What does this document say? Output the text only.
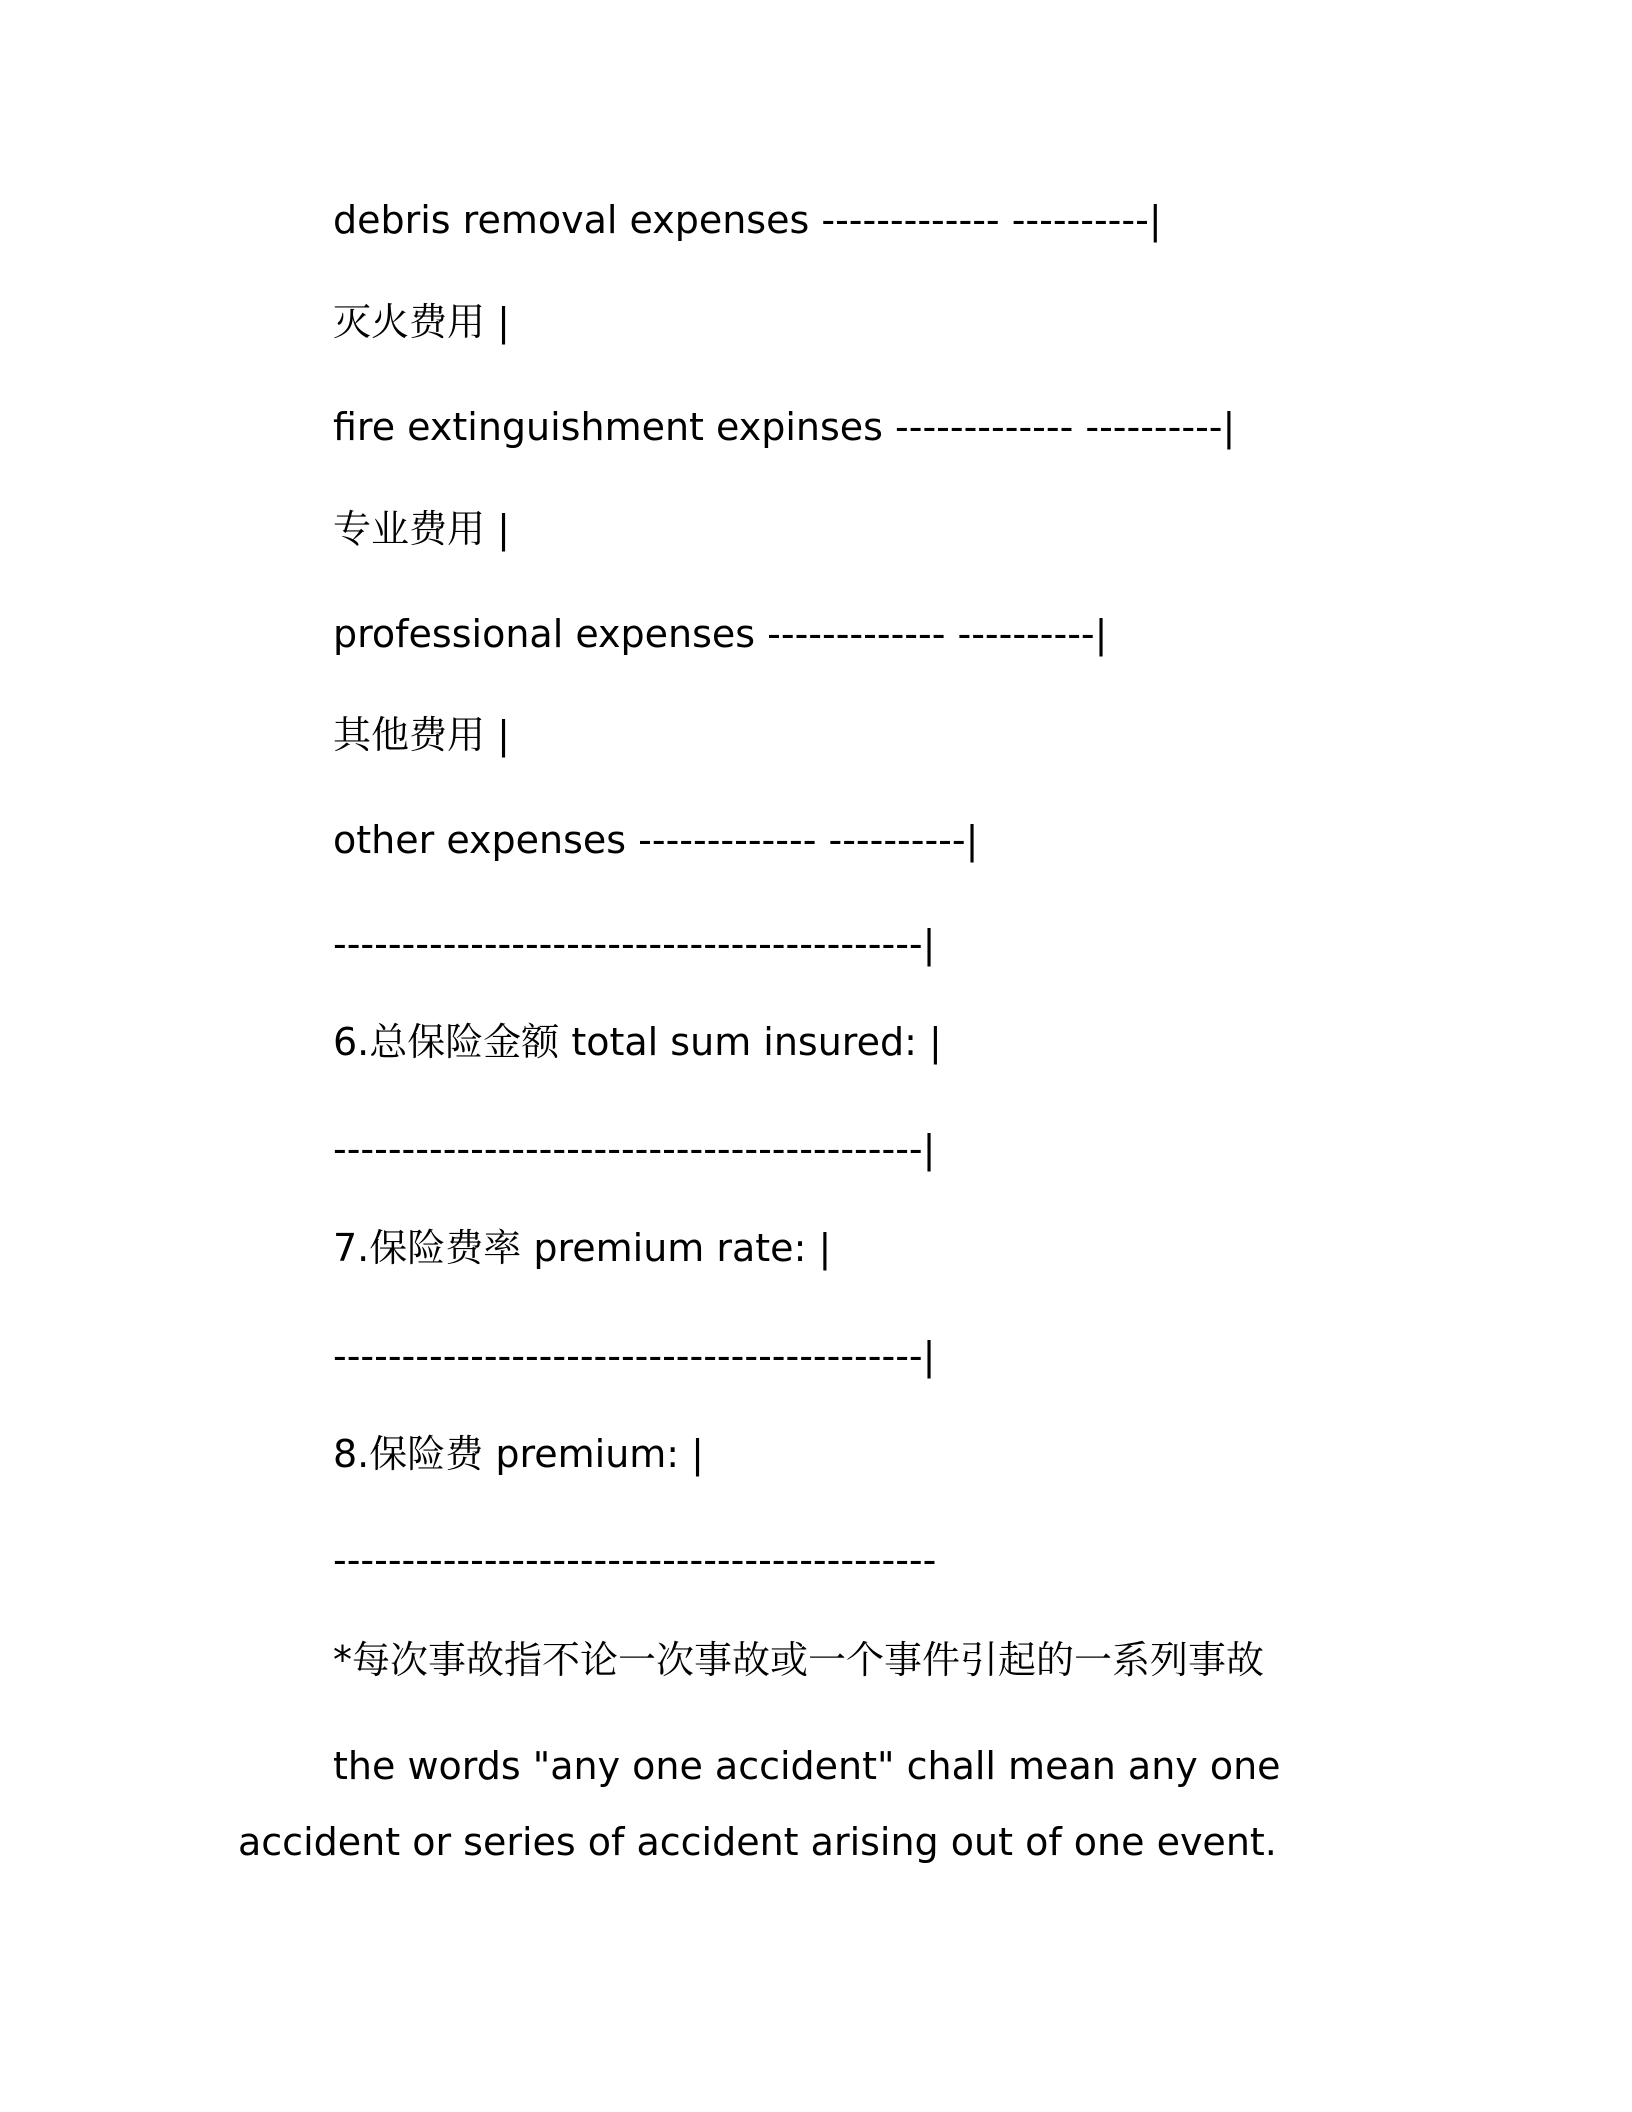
debris removal expenses ------------- ----------|
灭火费用 |
fire extinguishment expinses ------------- ----------|
专业费用 |
professional expenses ------------- ----------|
其他费用 |
other expenses ------------- ----------|
-------------------------------------------|
6.总保险金额 total sum insured: |
-------------------------------------------|
7.保险费率 premium rate: |
-------------------------------------------|
8.保险费 premium: |
--------------------------------------------
*每次事故指不论一次事故或一个事件引起的一系列事故
the words "any one accident" chall mean any one accident or series of accident arising out of one event.
